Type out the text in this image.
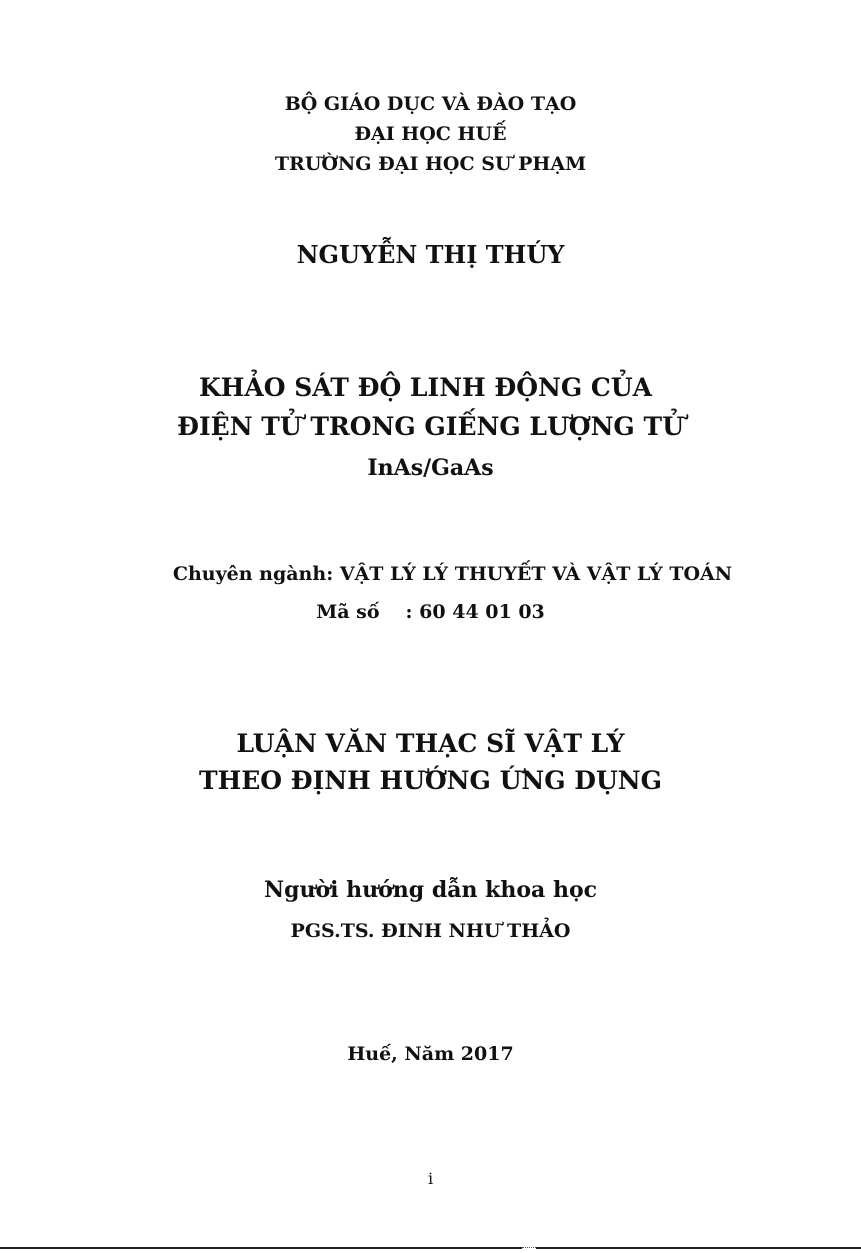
BỘ GIÁO DỤC VÀ ĐÀO TẠO
ĐẠI HỌC HUẾ
TRƯỜNG ĐẠI HỌC SƯ PHẠM
NGUYỄN THỊ THÚY
KHẢO SÁT ĐỘ LINH ĐỘNG CỦA
ĐIỆN TỬ TRONG GIẾNG LƯỢNG TỬ
InAs/GaAs
Chuyên ngành: VẬT LÝ LÝ THUYẾT VÀ VẬT LÝ TOÁN
Mã số : 60 44 01 03
LUẬN VĂN THẠC SĨ VẬT LÝ
THEO ĐỊNH HƯỚNG ỨNG DỤNG
Người hướng dẫn khoa học
PGS.TS. ĐINH NHƯ THẢO
Huế, Năm 2017
i
